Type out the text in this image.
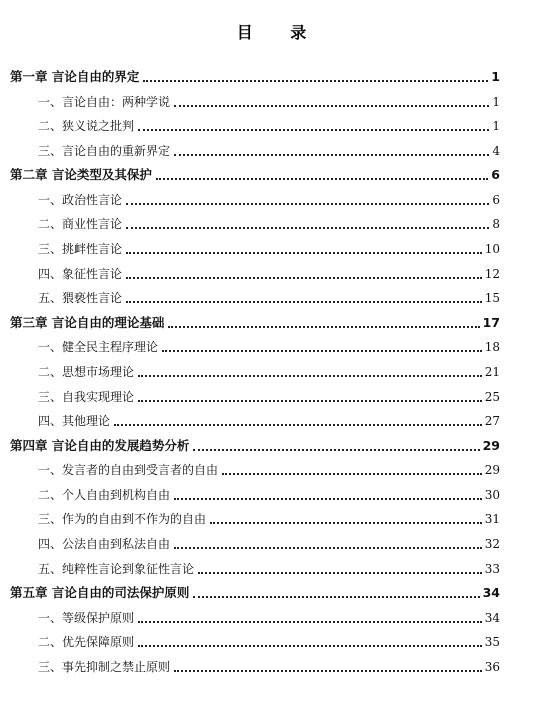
目 录
第一章 言论自由的界定	1
一、言论自由：两种学说	1
二、狭义说之批判	1
三、言论自由的重新界定	4
第二章 言论类型及其保护	6
一、政治性言论	6
二、商业性言论	8
三、挑衅性言论	10
四、象征性言论	12
五、猥亵性言论	15
第三章 言论自由的理论基础	17
一、健全民主程序理论	18
二、思想市场理论	21
三、自我实现理论	25
四、其他理论	27
第四章 言论自由的发展趋势分析	29
一、发言者的自由到受言者的自由	29
二、个人自由到机构自由	30
三、作为的自由到不作为的自由	31
四、公法自由到私法自由	32
五、纯粹性言论到象征性言论	33
第五章 言论自由的司法保护原则	34
一、等级保护原则	34
二、优先保障原则	35
三、事先抑制之禁止原则	36
